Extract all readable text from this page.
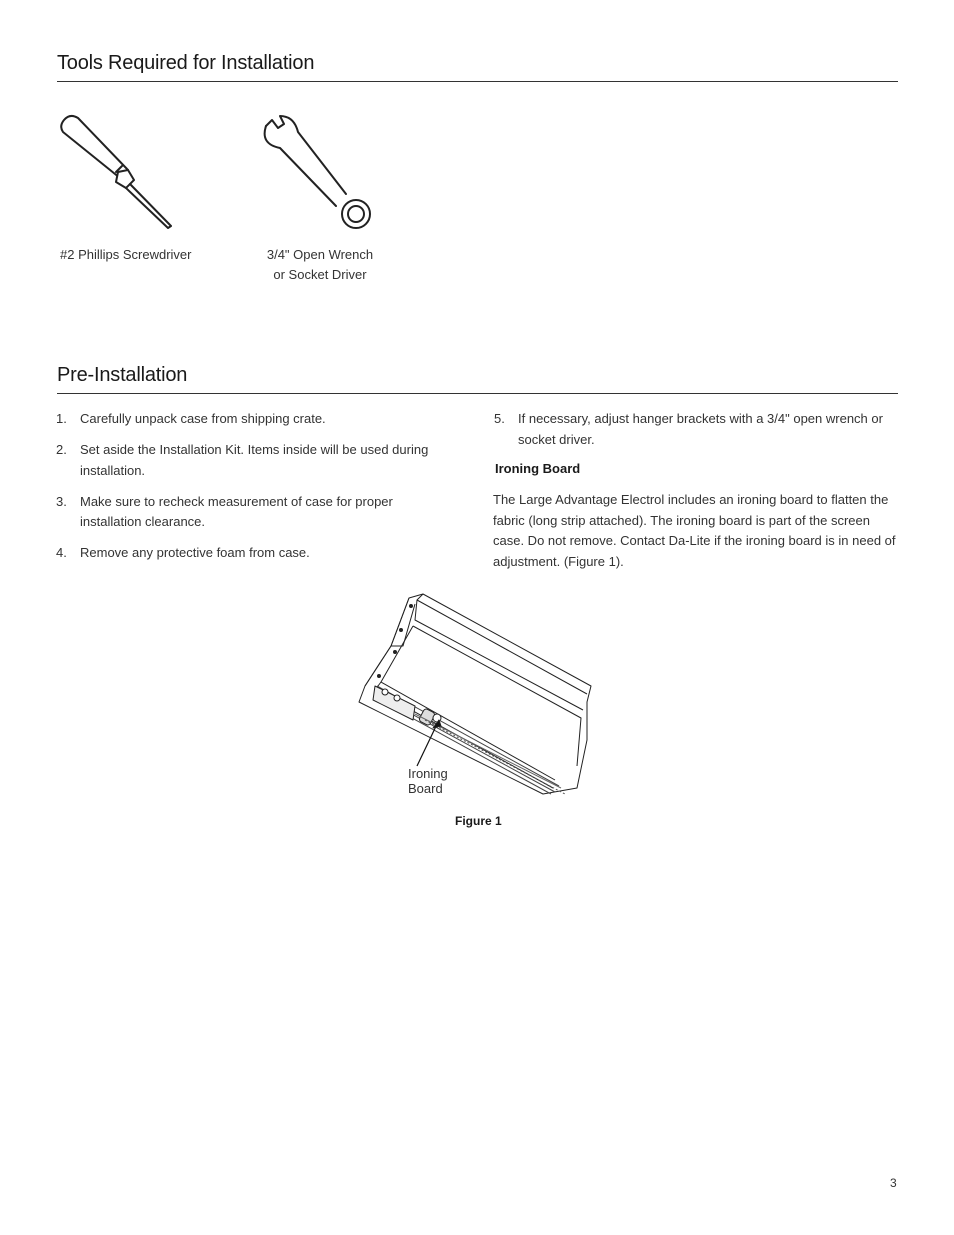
Tools Required for Installation
#2 Phillips Screwdriver	3/4" Open Wrench
or Socket Driver
Pre-Installation
1. Carefully unpack case from shipping crate.
2. Set aside the Installation Kit. Items inside will be used during installation.
3. Make sure to recheck measurement of case for proper installation clearance.
4. Remove any protective foam from case.
5. If necessary, adjust hanger brackets with a 3/4" open wrench or socket driver.
Ironing Board

The Large Advantage Electrol includes an ironing board to flatten the fabric (long strip attached). The ironing board is part of the screen case. Do not remove. Contact Da-Lite if the ironing board is in need of adjustment. (Figure 1).

Ironing
Board
Figure 1
3
